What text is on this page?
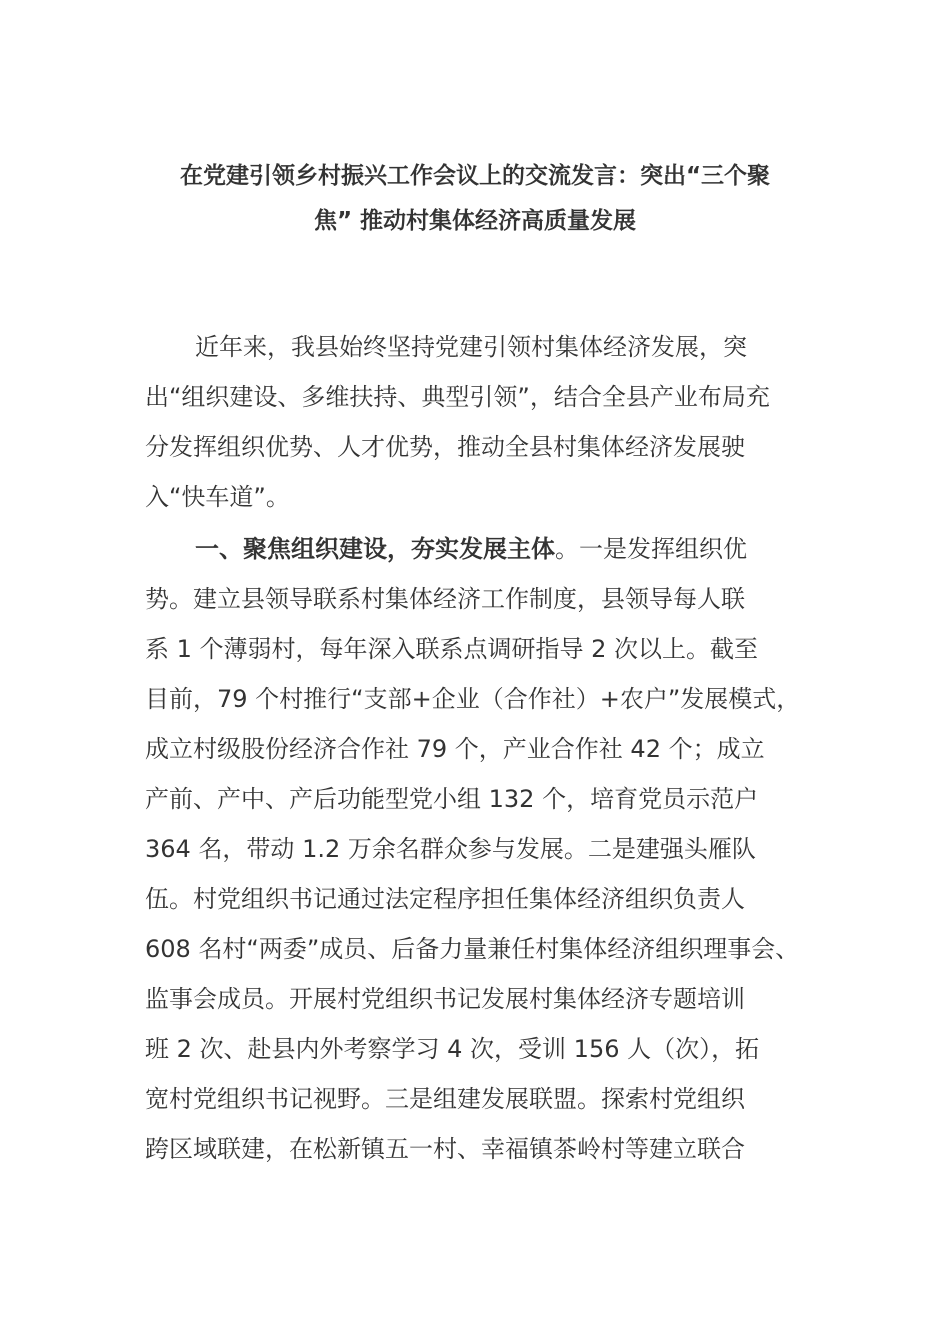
在党建引领乡村振兴工作会议上的交流发言：突出“三个聚
焦” 推动村集体经济高质量发展

近年来，我县始终坚持党建引领村集体经济发展，突
出“组织建设、多维扶持、典型引领”，结合全县产业布局充
分发挥组织优势、人才优势，推动全县村集体经济发展驶
入“快车道”。

一、聚焦组织建设，夯实发展主体。一是发挥组织优
势。建立县领导联系村集体经济工作制度，县领导每人联
系 1 个薄弱村，每年深入联系点调研指导 2 次以上。截至
目前，79 个村推行“支部+企业（合作社）+农户”发展模式，
成立村级股份经济合作社 79 个，产业合作社 42 个；成立
产前、产中、产后功能型党小组 132 个，培育党员示范户
364 名，带动 1.2 万余名群众参与发展。二是建强头雁队
伍。村党组织书记通过法定程序担任集体经济组织负责人
608 名村“两委”成员、后备力量兼任村集体经济组织理事会、
监事会成员。开展村党组织书记发展村集体经济专题培训
班 2 次、赴县内外考察学习 4 次，受训 156 人（次），拓
宽村党组织书记视野。三是组建发展联盟。探索村党组织
跨区域联建，在松新镇五一村、幸福镇茶岭村等建立联合
